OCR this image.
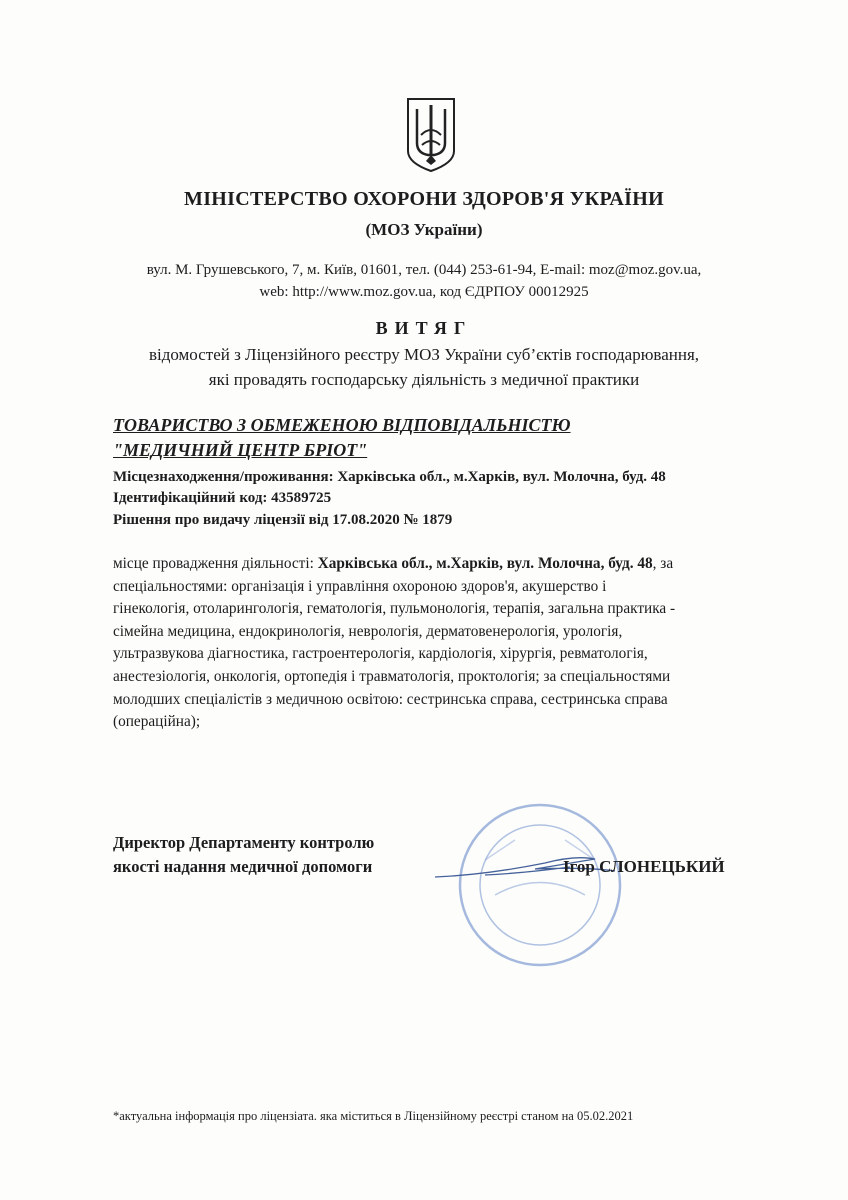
МІНІСТЕРСТВО ОХОРОНИ ЗДОРОВ'Я УКРАЇНИ
(МОЗ України)
вул. М. Грушевського, 7, м. Київ, 01601, тел. (044) 253-61-94, E-mail: moz@moz.gov.ua,
web: http://www.moz.gov.ua, код ЄДРПОУ 00012925
ВИТЯГ
відомостей з Ліцензійного реєстру МОЗ України суб’єктів господарювання,
які провадять господарську діяльність з медичної практики
ТОВАРИСТВО З ОБМЕЖЕНОЮ ВІДПОВІДАЛЬНІСТЮ
"МЕДИЧНИЙ ЦЕНТР БРІОТ"
Місцезнаходження/проживання: Харківська обл., м.Харків, вул. Молочна, буд. 48
Ідентифікаційний код: 43589725
Рішення про видачу ліцензії від 17.08.2020 № 1879
місце провадження діяльності: Харківська обл., м.Харків, вул. Молочна, буд. 48, за
спеціальностями: організація і управління охороною здоров'я, акушерство і
гінекологія, отоларингологія, гематологія, пульмонологія, терапія, загальна практика -
сімейна медицина, ендокринологія, неврологія, дерматовенерологія, урологія,
ультразвукова діагностика, гастроентерологія, кардіологія, хірургія, ревматологія,
анестезіологія, онкологія, ортопедія і травматологія, проктологія; за спеціальностями
молодших спеціалістів з медичною освітою: сестринська справа, сестринська справа
(операційна);
Директор Департаменту контролю
якості надання медичної допомоги	Ігор СЛОНЕЦЬКИЙ
*актуальна інформація про ліцензіата. яка міститься в Ліцензійному реєстрі станом на 05.02.2021
